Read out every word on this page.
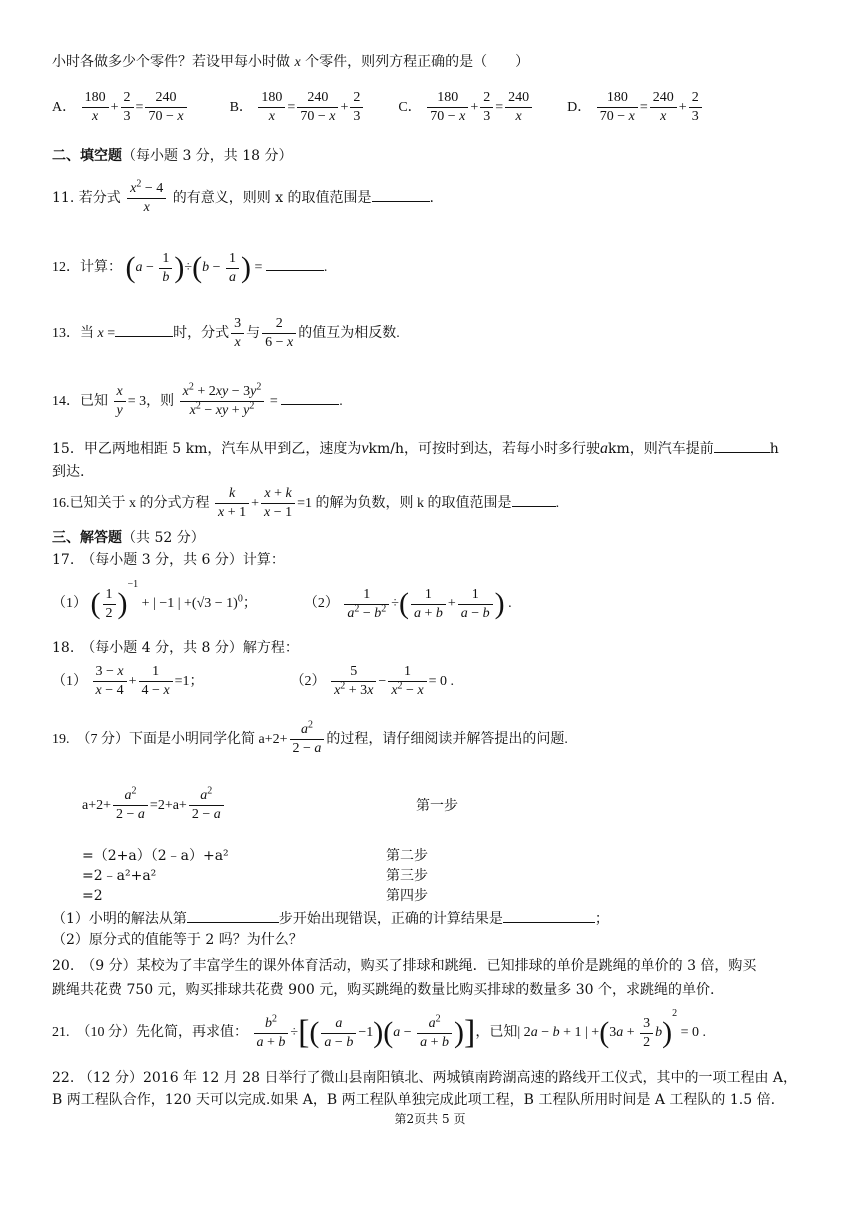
小时各做多少个零件？若设甲每小时做 x 个零件，则列方程正确的是（　　）
A． $\frac{180}{x} + \frac{2}{3} = \frac{240}{70 - x}$	B． $\frac{180}{x} = \frac{240}{70 - x} + \frac{2}{3}$	C． $\frac{180}{70 - x} + \frac{2}{3} = \frac{240}{x}$	D． $\frac{180}{70 - x} = \frac{240}{x} + \frac{2}{3}$
二、填空题（每小题 3 分，共 18 分）
11. 若分式 $\frac{x^2 - 4}{x}$ 的有意义，则则 x 的取值范围是	.
12．计算： $(a - \frac{1}{b} )\div(b - \frac{1}{a}$ ) =	.
13．当 x =	时，分式 $\frac{3}{x}$ 与 $\frac{2}{6 - x}$ 的值互为相反数.
14．已知 $\frac{x}{y} = 3$，则 $\frac{x^2 + 2xy - 3y^2}{x^2 - xy + y^2}$ =	.
15．甲乙两地相距 5 km，汽车从甲到乙，速度为vkm/h，可按时到达，若每小时多行驶akm，则汽车提前	h
到达.
16.已知关于 x 的分式方程 $\frac{k}{x + 1} + \frac{x + k}{x - 1} =1$ 的解为负数，则 k 的取值范围是	.
三、解答题（共 52 分）
17.　（每小题 3 分，共 6 分）计算：
（1） ( $\frac{1}{2} )^{-1}$ + | −1 | $+(√3 - 1)^0$；	$(2) \frac{1}{a^2 - b^2}$ ÷( $\frac{1}{a + b} + \frac{1}{a - b}$ ) .
18.　（每小题 4 分，共 8 分）解方程：
$(1) \frac{3 - x}{x - 4} + \frac{1}{4 - x} =1$；	$(2) \frac{5}{x^2 + 3x} - \frac{1}{x^2 - x} = 0$ .
19.　（7 分）下面是小明同学化简 $a+2+ \frac{a^2}{2 - a}$ 的过程，请仔细阅读并解答提出的问题.
$a+2+ \frac{a^2}{2 - a} =2+a+ \frac{a^2}{2 - a}$	第一步
=（2+a）（2﹣a）+a²	第二步
=2﹣a²+a²	第三步
=2	第四步
（1）小明的解法从第	步开始出现错误，正确的计算结果是	；
（2）原分式的值能等于 2 吗？为什么？
20.　（9 分）某校为了丰富学生的课外体育活动，购买了排球和跳绳．已知排球的单价是跳绳的单价的 3 倍，购买
跳绳共花费 750 元，购买排球共花费 900 元，购买跳绳的数量比购买排球的数量多 30 个，求跳绳的单价.
21.　（10 分）先化简，再求值： $\frac{b^2}{a + b}$ ÷[( $\frac{a}{a - b} -1)(a - \frac{a^2}{a + b}$ )]，已知| 2a − b + 1 | $+(3a + \frac{3}{2} b)^2 = 0$ .
22. （12 分）2016 年 12 月 28 日举行了微山县南阳镇北、两城镇南跨湖高速的路线开工仪式，其中的一项工程由 A，
B 两工程队合作，120 天可以完成.如果 A，B 两工程队单独完成此项工程，B 工程队所用时间是 A 工程队的 1.5 倍.
第2页共 5 页
